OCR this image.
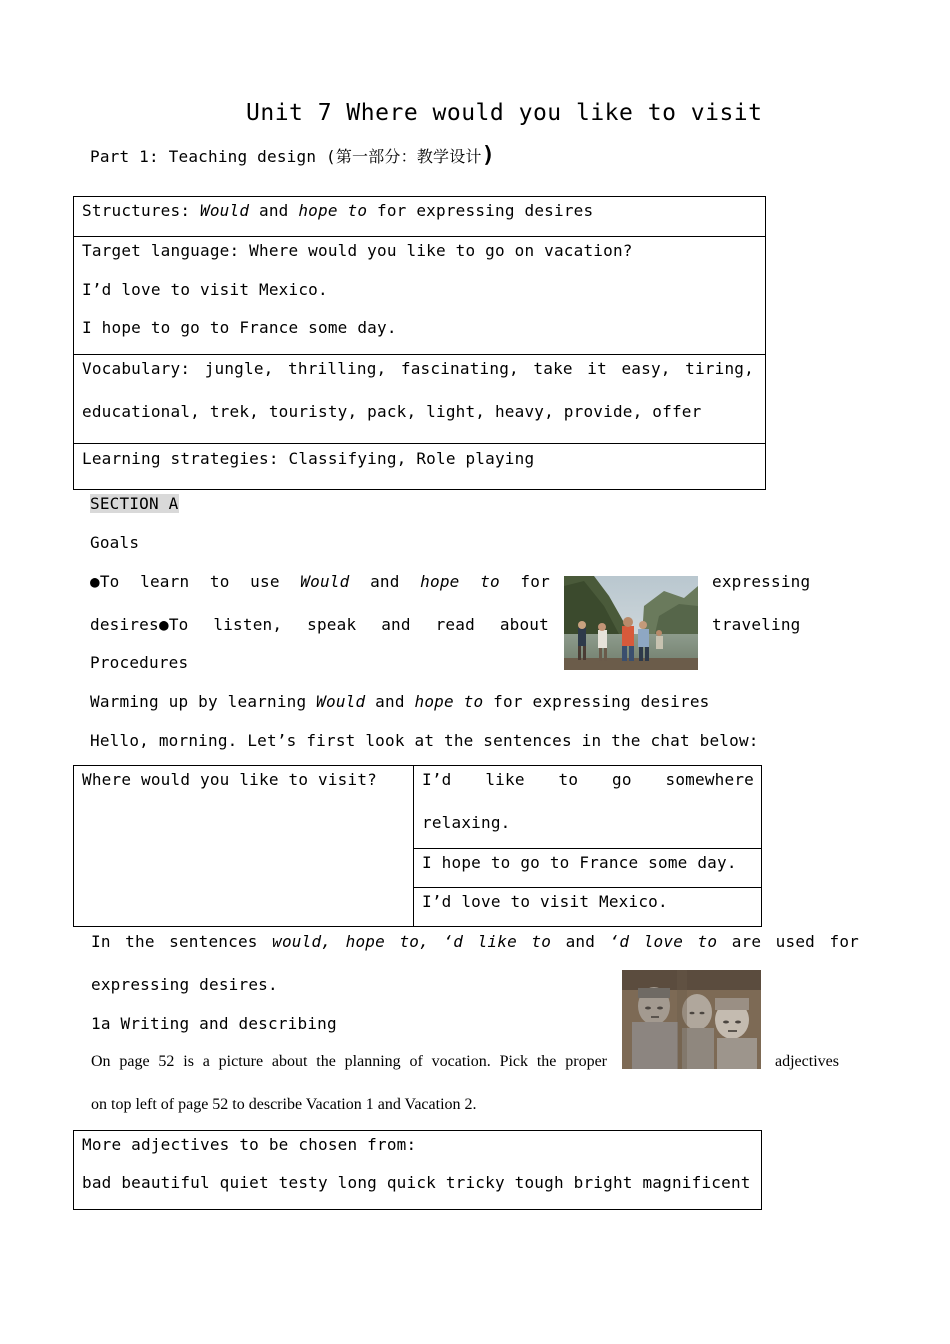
Unit 7 Where would you like to visit
Part 1: Teaching design (第一部分：教学设计)
Structures: Would and hope to for expressing desires
Target language: Where would you like to go on vacation?
I’d love to visit Mexico.
I hope to go to France some day.
Vocabulary: jungle, thrilling, fascinating, take it easy, tiring,
educational, trek, touristy, pack, light, heavy, provide, offer
Learning strategies: Classifying, Role playing
SECTION A
Goals
●To learn to use Would and hope to for	expressing
desires ●To listen, speak and read about	traveling
Procedures
Warming up by learning Would and hope to for expressing desires
Hello, morning. Let’s first look at the sentences in the chat below:
Where would you like to visit?	I’d like to go somewhere
relaxing.
I hope to go to France some day.
I’d love to visit Mexico.
In the sentences would, hope to, ‘d like to and ‘d love to are used for
expressing desires.
1a Writing and describing
On page 52 is a picture about the planning of vocation. Pick the proper	adjectives
on top left of page 52 to describe Vacation 1 and Vacation 2.
More adjectives to be chosen from:
bad beautiful quiet testy long quick tricky tough bright magnificent
